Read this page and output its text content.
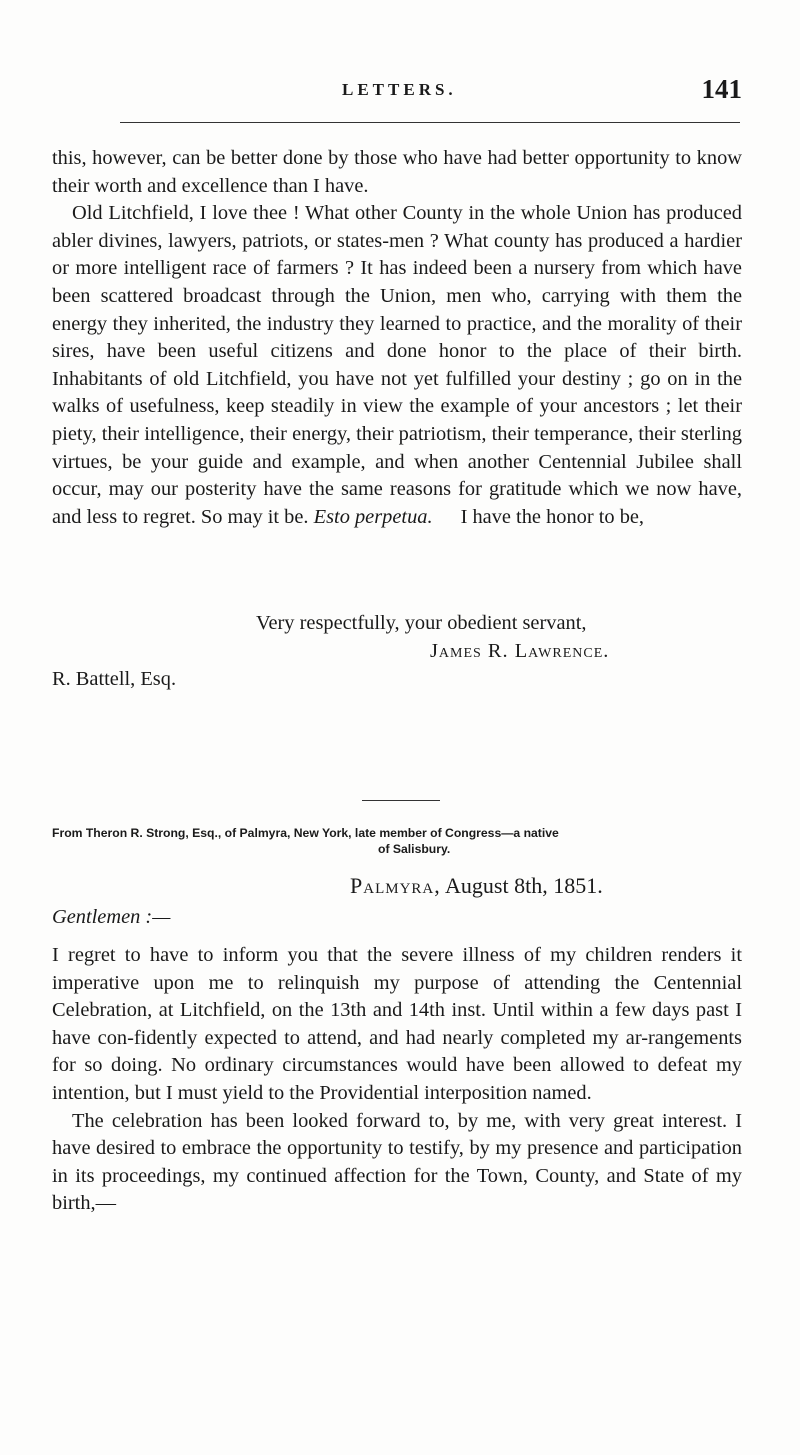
LETTERS.	141

this, however, can be better done by those who have had better opportunity to know their worth and excellence than I have.

Old Litchfield, I love thee ! What other County in the whole Union has produced abler divines, lawyers, patriots, or states-men ? What county has produced a hardier or more intelligent race of farmers ? It has indeed been a nursery from which have been scattered broadcast through the Union, men who, carrying with them the energy they inherited, the industry they learned to practice, and the morality of their sires, have been useful citizens and done honor to the place of their birth. Inhabitants of old Litchfield, you have not yet fulfilled your destiny ; go on in the walks of usefulness, keep steadily in view the example of your ancestors ; let their piety, their intelligence, their energy, their patriotism, their temperance, their sterling virtues, be your guide and example, and when another Centennial Jubilee shall occur, may our posterity have the same reasons for gratitude which we now have, and less to regret. So may it be. Esto perpetua. I have the honor to be,

Very respectfully, your obedient servant,
James R. Lawrence.
R. Battell, Esq.
From Theron R. Strong, Esq., of Palmyra, New York, late member of Congress—a native
of Salisbury.
Palmyra, August 8th, 1851.
Gentlemen :—

I regret to have to inform you that the severe illness of my children renders it imperative upon me to relinquish my purpose of attending the Centennial Celebration, at Litchfield, on the 13th and 14th inst. Until within a few days past I have con-fidently expected to attend, and had nearly completed my ar-rangements for so doing. No ordinary circumstances would have been allowed to defeat my intention, but I must yield to the Providential interposition named.

The celebration has been looked forward to, by me, with very great interest. I have desired to embrace the opportunity to testify, by my presence and participation in its proceedings, my continued affection for the Town, County, and State of my birth,—
